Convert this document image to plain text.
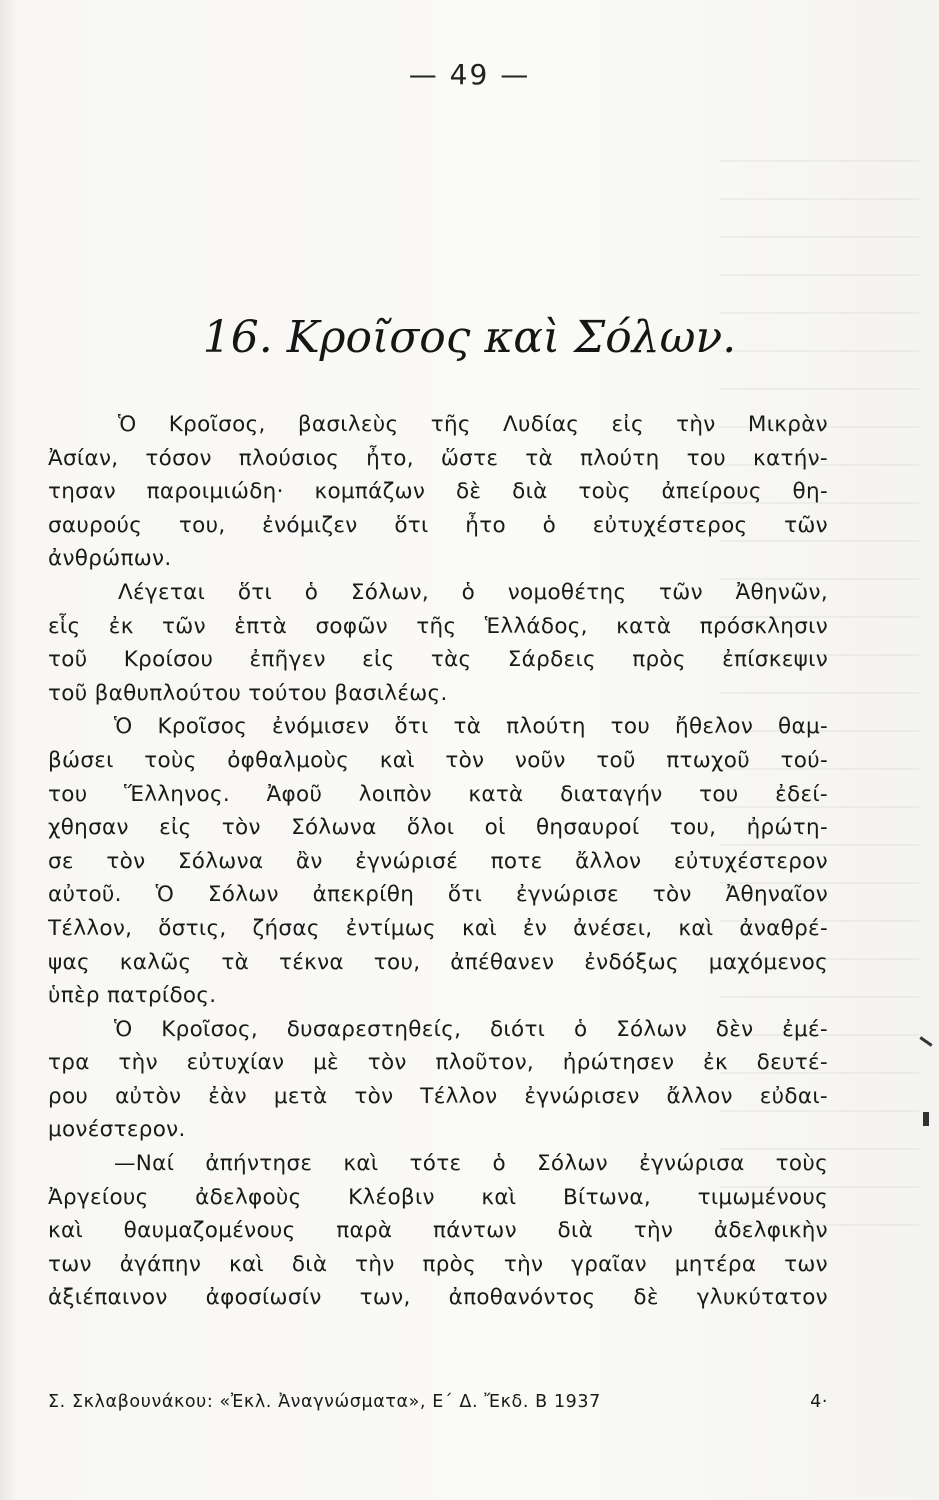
— 49 —
16. Κροῖσος καὶ Σόλων.
Ὁ Κροῖσος, βασιλεὺς τῆς Λυδίας εἰς τὴν Μικρὰν
Ἀσίαν, τόσον πλούσιος ἦτο, ὥστε τὰ πλούτη του κατήν-
τησαν παροιμιώδη· κομπάζων δὲ διὰ τοὺς ἀπείρους θη-
σαυρούς του, ἐνόμιζεν ὅτι ἦτο ὁ εὐτυχέστερος τῶν
ἀνθρώπων.
Λέγεται ὅτι ὁ Σόλων, ὁ νομοθέτης τῶν Ἀθηνῶν,
εἷς ἐκ τῶν ἑπτὰ σοφῶν τῆς Ἑλλάδος, κατὰ πρόσκλησιν
τοῦ Κροίσου ἐπῆγεν εἰς τὰς Σάρδεις πρὸς ἐπίσκεψιν
τοῦ βαθυπλούτου τούτου βασιλέως.
Ὁ Κροῖσος ἐνόμισεν ὅτι τὰ πλούτη του ἤθελον θαμ-
βώσει τοὺς ὀφθαλμοὺς καὶ τὸν νοῦν τοῦ πτωχοῦ τού-
του Ἕλληνος. Ἀφοῦ λοιπὸν κατὰ διαταγήν του ἐδεί-
χθησαν εἰς τὸν Σόλωνα ὅλοι οἱ θησαυροί του, ἠρώτη-
σε τὸν Σόλωνα ἂν ἐγνώρισέ ποτε ἄλλον εὐτυχέστερον
αὐτοῦ. Ὁ Σόλων ἀπεκρίθη ὅτι ἐγνώρισε τὸν Ἀθηναῖον
Τέλλον, ὅστις, ζήσας ἐντίμως καὶ ἐν ἀνέσει, καὶ ἀναθρέ-
ψας καλῶς τὰ τέκνα του, ἀπέθανεν ἐνδόξως μαχόμενος
ὑπὲρ πατρίδος.
Ὁ Κροῖσος, δυσαρεστηθείς, διότι ὁ Σόλων δὲν ἐμέ-
τρα τὴν εὐτυχίαν μὲ τὸν πλοῦτον, ἠρώτησεν ἐκ δευτέ-
ρου αὐτὸν ἐὰν μετὰ τὸν Τέλλον ἐγνώρισεν ἄλλον εὐδαι-
μονέστερον.
—Ναί ἀπήντησε καὶ τότε ὁ Σόλων ἐγνώρισα τοὺς
Ἀργείους ἀδελφοὺς Κλέοβιν καὶ Βίτωνα, τιμωμένους
καὶ θαυμαζομένους παρὰ πάντων διὰ τὴν ἀδελφικὴν
των ἀγάπην καὶ διὰ τὴν πρὸς τὴν γραῖαν μητέρα των
ἀξιέπαινον ἀφοσίωσίν των, ἀποθανόντος δὲ γλυκύτατον
Σ. Σκλαβουνάκου: «Ἐκλ. Ἀναγνώσματα», Ε΄ Δ. Ἔκδ. Β 1937	4·
